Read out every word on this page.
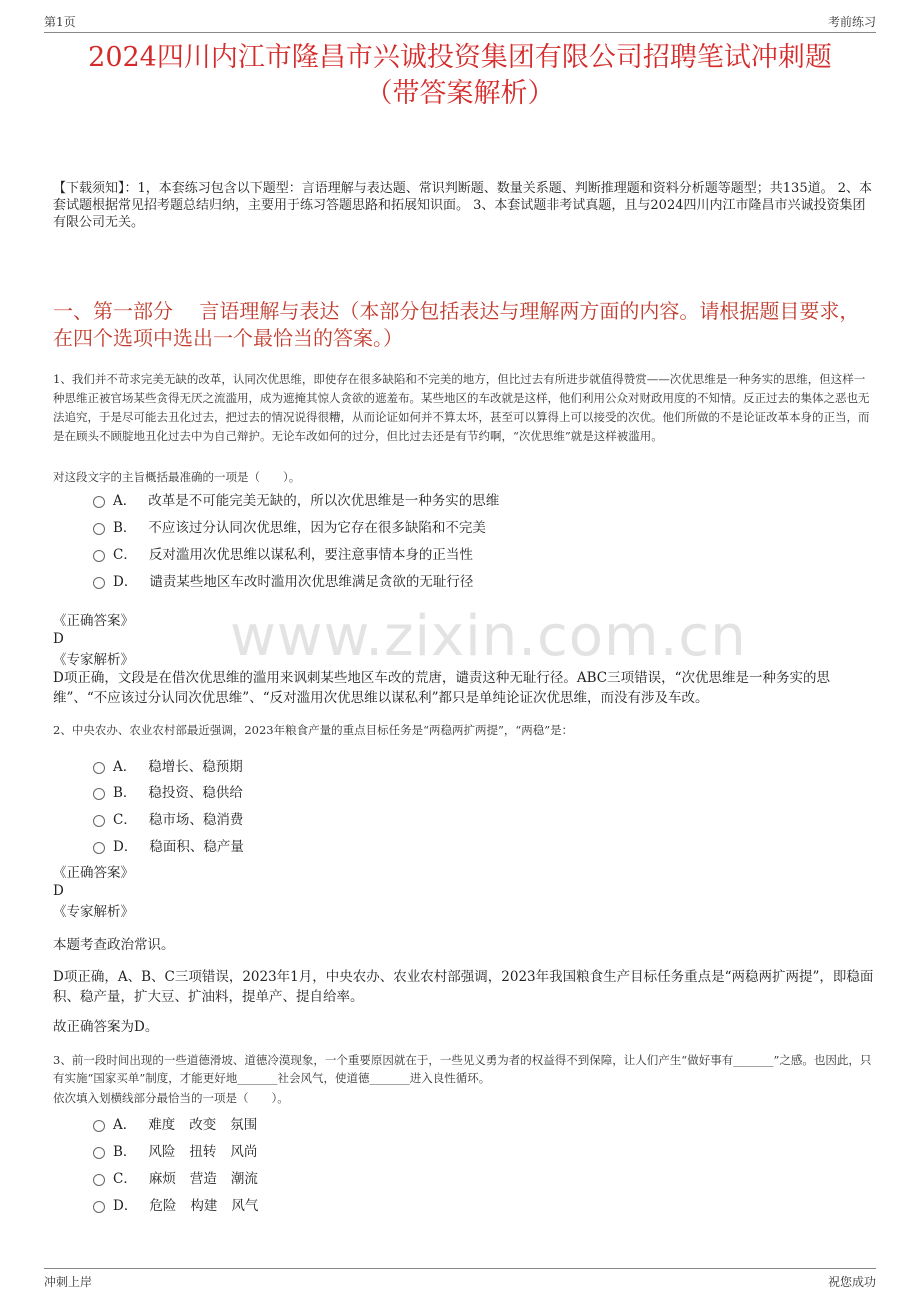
第1页	考前练习
2024四川内江市隆昌市兴诚投资集团有限公司招聘笔试冲刺题
（带答案解析）
【下载须知】：1，本套练习包含以下题型：言语理解与表达题、常识判断题、数量关系题、判断推理题和资料分析题等题型；共135道。 2、本套试题根据常见招考题总结归纳，主要用于练习答题思路和拓展知识面。 3、本套试题非考试真题，且与2024四川内江市隆昌市兴诚投资集团有限公司无关。
一、第一部分　 言语理解与表达（本部分包括表达与理解两方面的内容。请根据题目要求，在四个选项中选出一个最恰当的答案。）
1、我们并不苛求完美无缺的改革，认同次优思维，即使存在很多缺陷和不完美的地方，但比过去有所进步就值得赞赏——次优思维是一种务实的思维，但这样一种思维正被官场某些贪得无厌之流滥用，成为遮掩其惊人贪欲的遮羞布。某些地区的车改就是这样，他们利用公众对财政用度的不知情。反正过去的集体之恶也无法追究，于是尽可能去丑化过去，把过去的情况说得很糟，从而论证如何并不算太坏，甚至可以算得上可以接受的次优。他们所做的不是论证改革本身的正当，而是在顾头不顾腚地丑化过去中为自己辩护。无论车改如何的过分，但比过去还是有节约啊，“次优思维”就是这样被滥用。
对这段文字的主旨概括最准确的一项是（　　）。
A． 改革是不可能完美无缺的，所以次优思维是一种务实的思维
B． 不应该过分认同次优思维，因为它存在很多缺陷和不完美
C． 反对滥用次优思维以谋私利，要注意事情本身的正当性
D． 谴责某些地区车改时滥用次优思维满足贪欲的无耻行径
www.zixin.com.cn
《正确答案》
D
《专家解析》
D项正确，文段是在借次优思维的滥用来讽刺某些地区车改的荒唐，谴责这种无耻行径。ABC三项错误，“次优思维是一种务实的思维”、“不应该过分认同次优思维”、“反对滥用次优思维以谋私利”都只是单纯论证次优思维，而没有涉及车改。
2、中央农办、农业农村部最近强调，2023年粮食产量的重点目标任务是“两稳两扩两提”，“两稳”是：
A． 稳增长、稳预期
B． 稳投资、稳供给
C． 稳市场、稳消费
D． 稳面积、稳产量
《正确答案》
D
《专家解析》
本题考查政治常识。
D项正确，A、B、C三项错误，2023年1月，中央农办、农业农村部强调，2023年我国粮食生产目标任务重点是“两稳两扩两提”，即稳面积、稳产量，扩大豆、扩油料，提单产、提自给率。
故正确答案为D。
3、前一段时间出现的一些道德滑坡、道德冷漠现象，一个重要原因就在于，一些见义勇为者的权益得不到保障，让人们产生“做好事有_______”之感。也因此，只有实施“国家买单”制度，才能更好地_______社会风气，使道德_______进入良性循环。
依次填入划横线部分最恰当的一项是（　　）。
A． 难度 改变 氛围
B． 风险 扭转 风尚
C． 麻烦 营造 潮流
D． 危险 构建 风气
冲刺上岸	祝您成功
